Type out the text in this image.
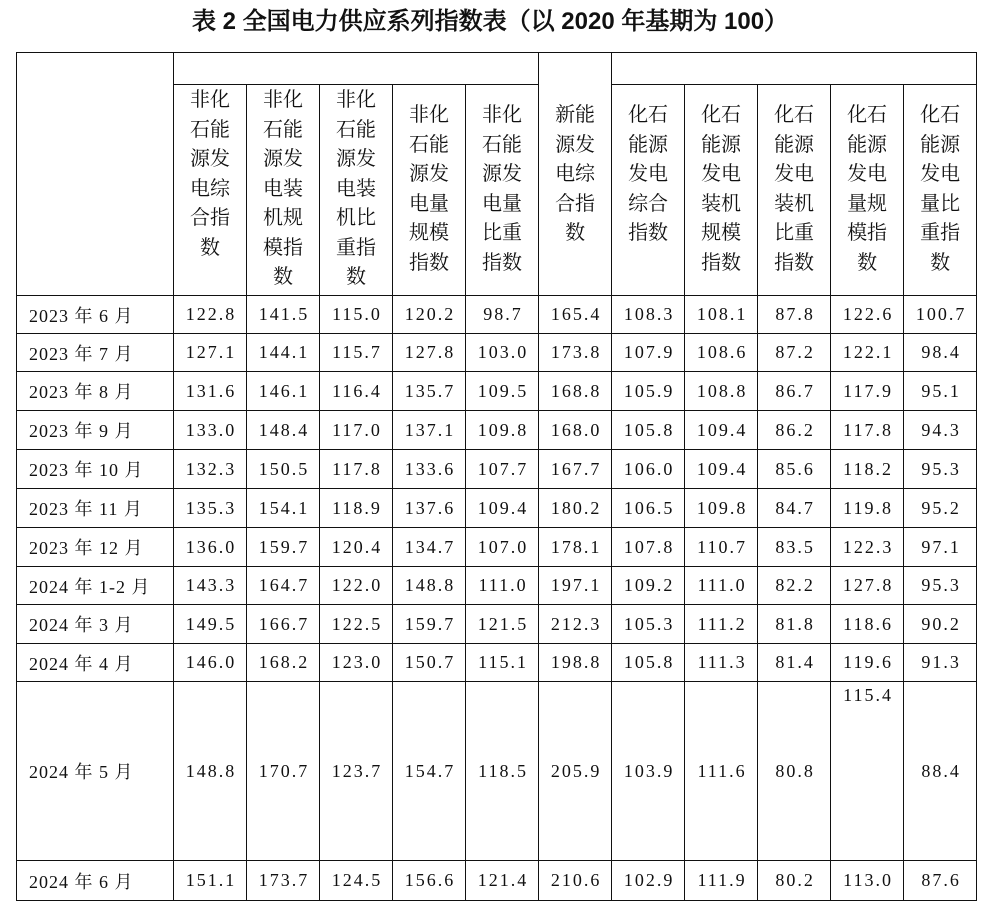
表 2 全国电力供应系列指数表（以 2020 年基期为 100）

						新能源发电综合指数					

	非化石能源发电综合指数	非化石能源发电装机规模指数	非化石能源发电装机比重指数	非化石能源发电量规模指数	非化石能源发电量比重指数		化石能源发电综合指数	化石能源发电装机规模指数	化石能源发电装机比重指数	化石能源发电量规模指数	化石能源发电量比重指数

2023 年 6 月	122.8	141.5	115.0	120.2	98.7	165.4	108.3	108.1	87.8	122.6	100.7
2023 年 7 月	127.1	144.1	115.7	127.8	103.0	173.8	107.9	108.6	87.2	122.1	98.4
2023 年 8 月	131.6	146.1	116.4	135.7	109.5	168.8	105.9	108.8	86.7	117.9	95.1
2023 年 9 月	133.0	148.4	117.0	137.1	109.8	168.0	105.8	109.4	86.2	117.8	94.3
2023 年 10 月	132.3	150.5	117.8	133.6	107.7	167.7	106.0	109.4	85.6	118.2	95.3
2023 年 11 月	135.3	154.1	118.9	137.6	109.4	180.2	106.5	109.8	84.7	119.8	95.2
2023 年 12 月	136.0	159.7	120.4	134.7	107.0	178.1	107.8	110.7	83.5	122.3	97.1
2024 年 1-2 月	143.3	164.7	122.0	148.8	111.0	197.1	109.2	111.0	82.2	127.8	95.3
2024 年 3 月	149.5	166.7	122.5	159.7	121.5	212.3	105.3	111.2	81.8	118.6	90.2
2024 年 4 月	146.0	168.2	123.0	150.7	115.1	198.8	105.8	111.3	81.4	119.6	91.3
2024 年 5 月	148.8	170.7	123.7	154.7	118.5	205.9	103.9	111.6	80.8	115.4	88.4
2024 年 6 月	151.1	173.7	124.5	156.6	121.4	210.6	102.9	111.9	80.2	113.0	87.6
